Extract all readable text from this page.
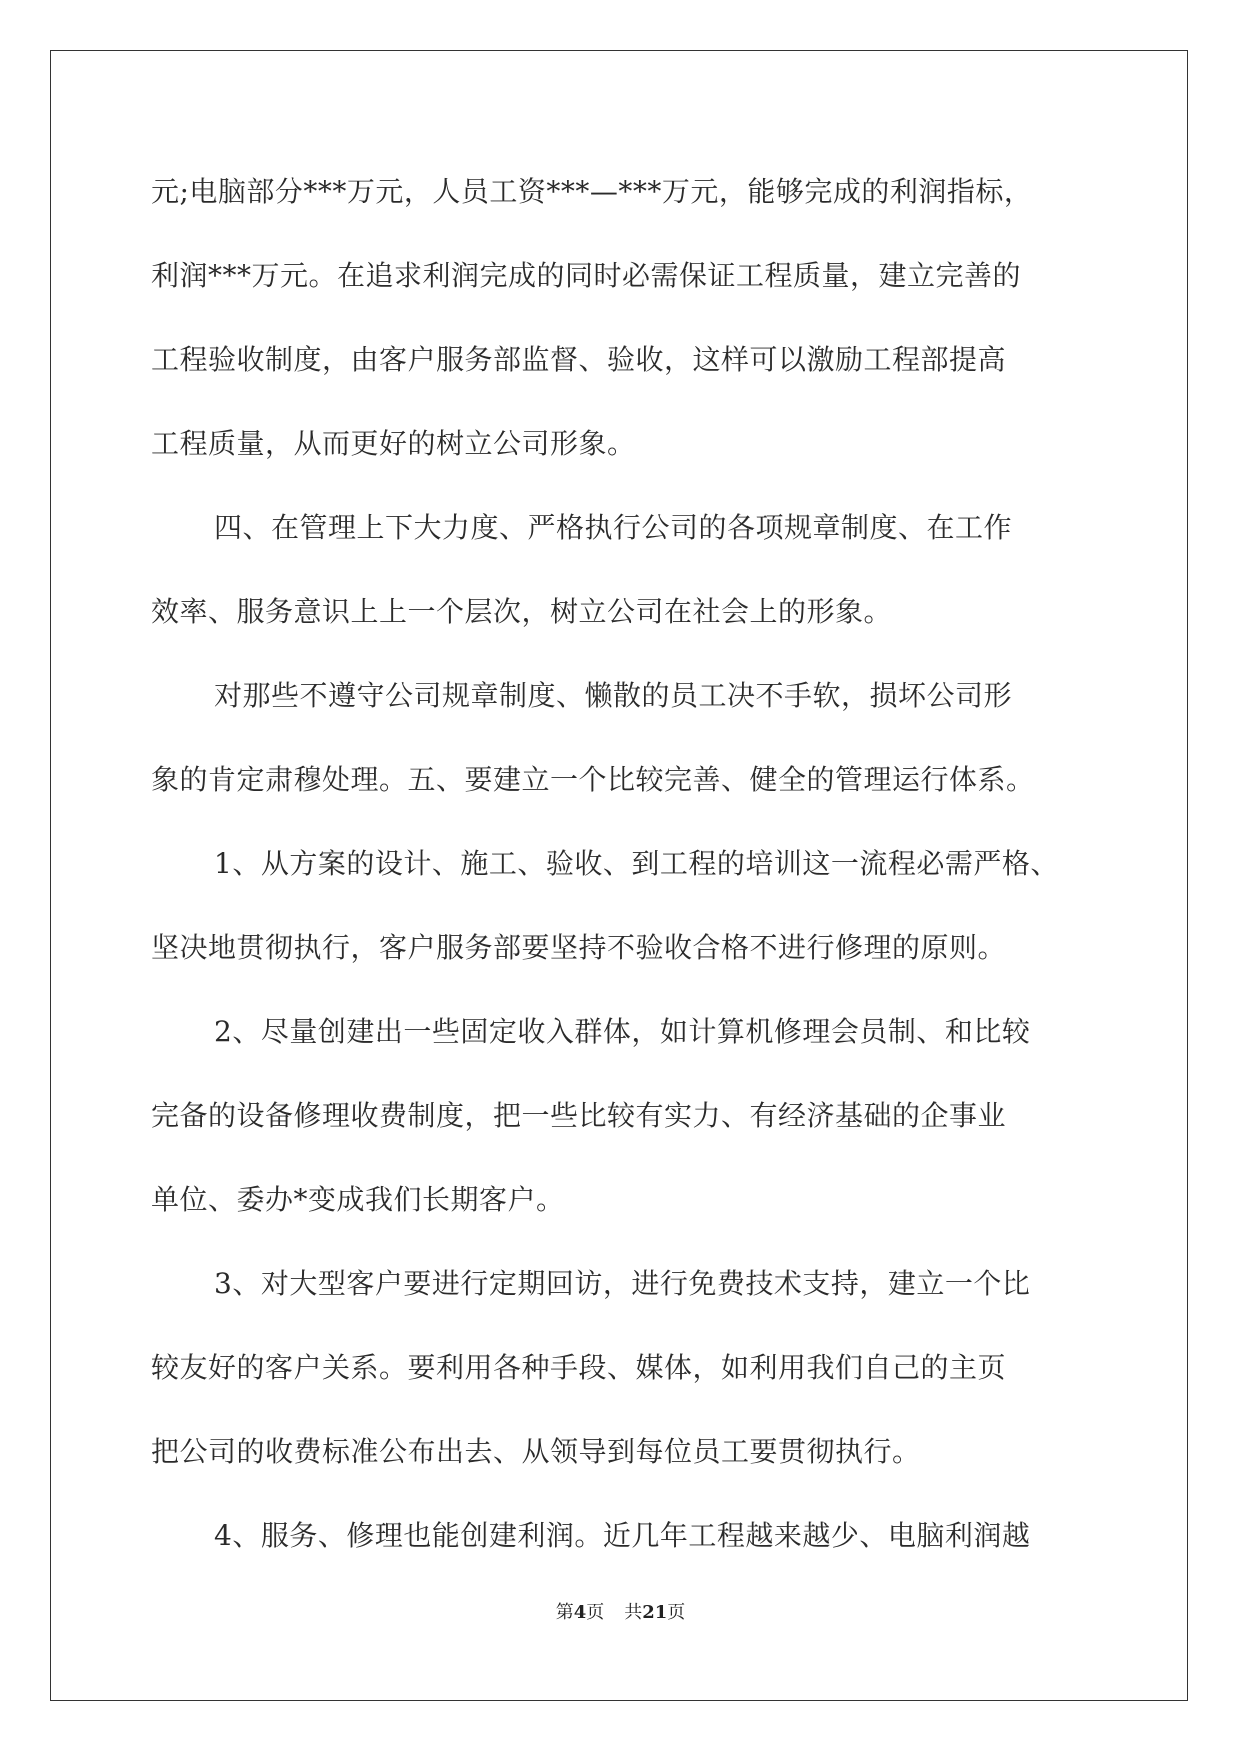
元;电脑部分***万元，人员工资***—***万元，能够完成的利润指标，
利润***万元。在追求利润完成的同时必需保证工程质量，建立完善的
工程验收制度，由客户服务部监督、验收，这样可以激励工程部提高
工程质量，从而更好的树立公司形象。
四、在管理上下大力度、严格执行公司的各项规章制度、在工作
效率、服务意识上上一个层次，树立公司在社会上的形象。
对那些不遵守公司规章制度、懒散的员工决不手软，损坏公司形
象的肯定肃穆处理。五、要建立一个比较完善、健全的管理运行体系。
1、从方案的设计、施工、验收、到工程的培训这一流程必需严格、
坚决地贯彻执行，客户服务部要坚持不验收合格不进行修理的原则。
2、尽量创建出一些固定收入群体，如计算机修理会员制、和比较
完备的设备修理收费制度，把一些比较有实力、有经济基础的企事业
单位、委办*变成我们长期客户。
3、对大型客户要进行定期回访，进行免费技术支持，建立一个比
较友好的客户关系。要利用各种手段、媒体，如利用我们自己的主页
把公司的收费标准公布出去、从领导到每位员工要贯彻执行。
4、服务、修理也能创建利润。近几年工程越来越少、电脑利润越
第4页 共21页
